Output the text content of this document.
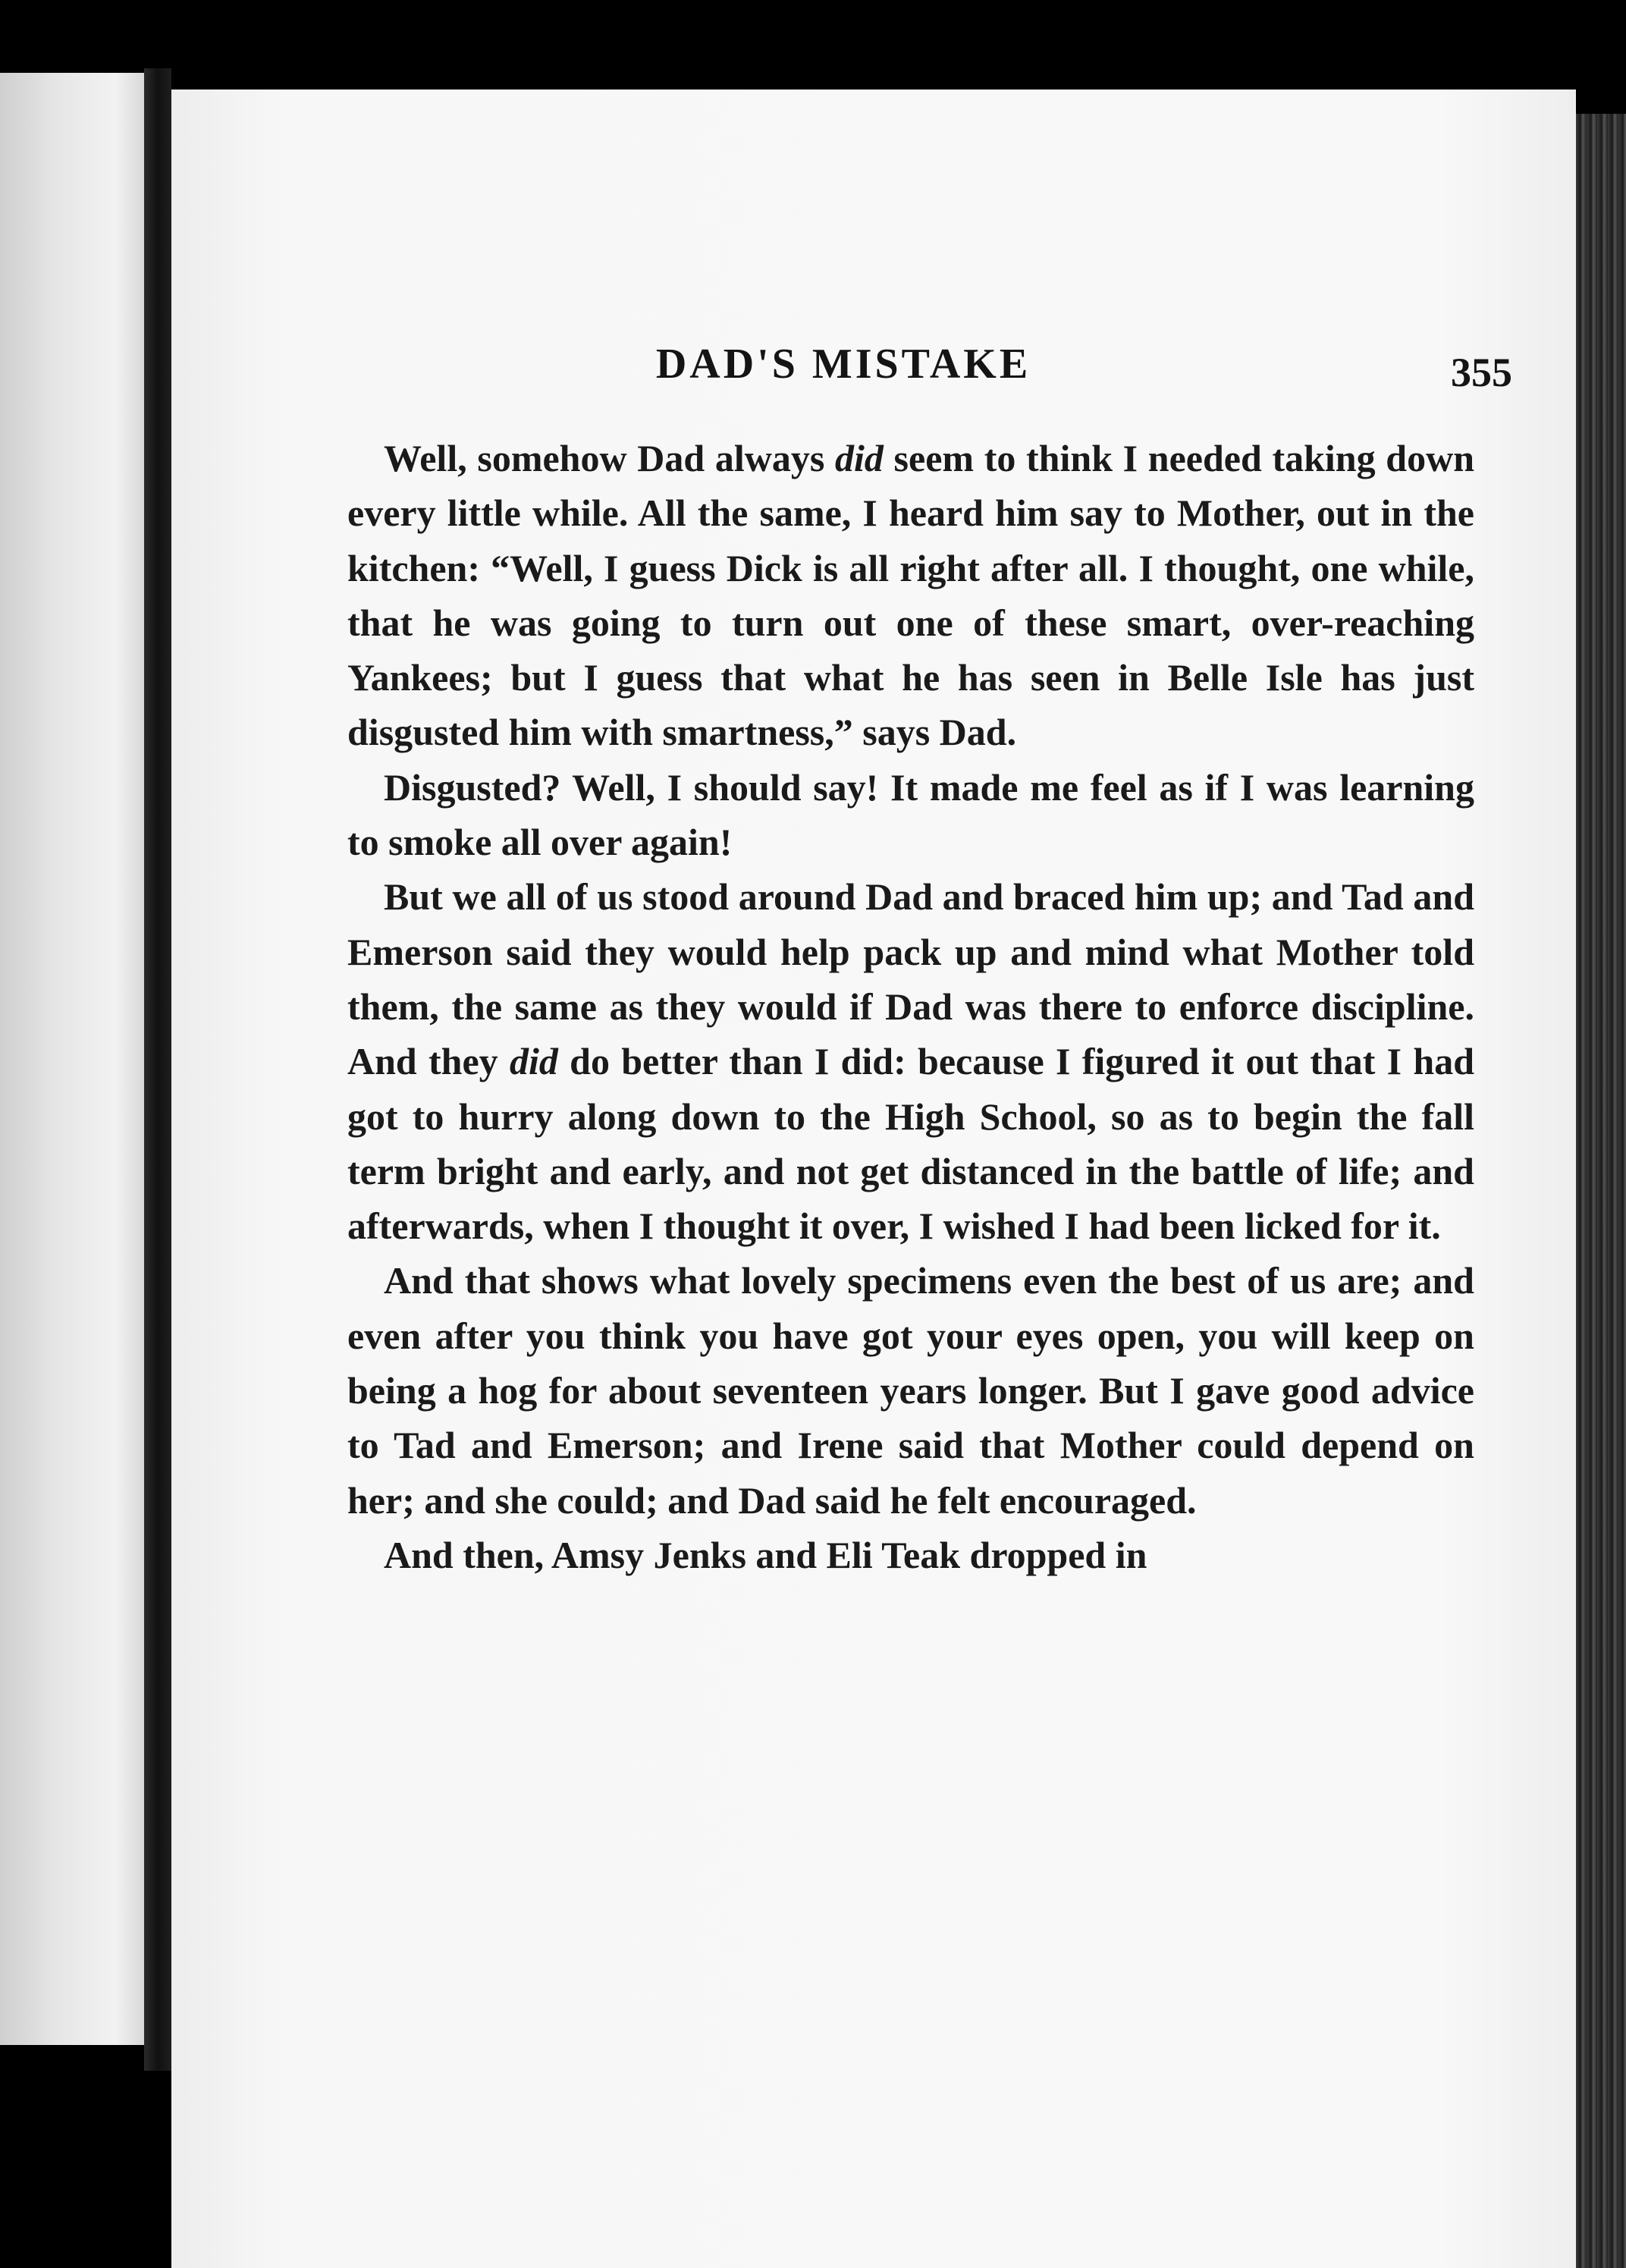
DAD'S MISTAKE	355

Well, somehow Dad always did seem to think I needed taking down every little while. All the same, I heard him say to Mother, out in the kitchen: “Well, I guess Dick is all right after all. I thought, one while, that he was going to turn out one of these smart, over-reaching Yankees; but I guess that what he has seen in Belle Isle has just disgusted him with smartness,” says Dad.

Disgusted? Well, I should say! It made me feel as if I was learning to smoke all over again!

But we all of us stood around Dad and braced him up; and Tad and Emerson said they would help pack up and mind what Mother told them, the same as they would if Dad was there to enforce discipline. And they did do better than I did: because I figured it out that I had got to hurry along down to the High School, so as to begin the fall term bright and early, and not get distanced in the battle of life; and afterwards, when I thought it over, I wished I had been licked for it.

And that shows what lovely specimens even the best of us are; and even after you think you have got your eyes open, you will keep on being a hog for about seventeen years longer. But I gave good advice to Tad and Emerson; and Irene said that Mother could depend on her; and she could; and Dad said he felt encouraged.

And then, Amsy Jenks and Eli Teak dropped in
